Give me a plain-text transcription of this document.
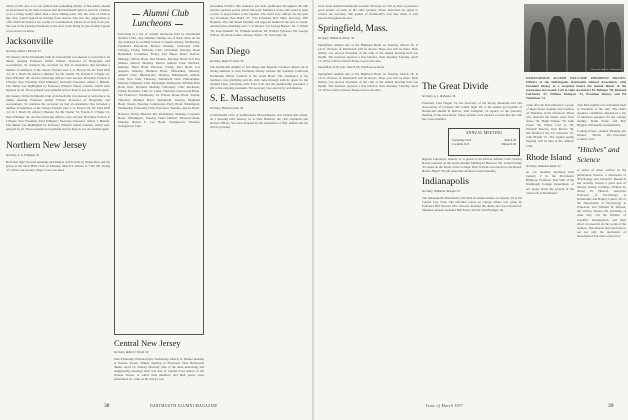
winter in this area. It is our opinion that something similar of that nature should be undertaken by all clubs to insure that the Dartmouth Spirit is and will continue to be a living reality rather than a mere talking point. We, the class of 1924 in this area, would appreciate hearing from anyone who has any suggestions to offer which he believes are worthy of consideration. Please let us hear from you. See you at the Tuesday luncheons at the Aero Club. Bring in your brother's green cover and let us know.

Jacksonville

Secretary, Alfred J. Burnett '34

On January 29 the Dartmouth Club of Jacksonville was pleased to welcome to its dinner meeting Professor Arthur Wilson, Professor of Biography and Government. To celebrate the occasion we had an attendance that included a number of members of the classes. Present were J. A. Brown '02, Dr. Fred Wolf '12, W. J. Bush '28, Alfred J. Burnett '34, Mr. Stellar '33, Francis P. L'Engle '21, Paul Whitaker '40, and the following officers were elected: President, Francis P. L'Engle; Vice President, Paul Whitaker; Secretary-Treasurer, Alfred J. Burnett. The dinner was highlighted by Professor Wilson's timely remarks, which were enjoyed by all. Those present were grateful and we hope to see our friends again.

On January 29 the Dartmouth Club of Jacksonville was pleased to welcome to its dinner meeting Professor Arthur Wilson, Professor of Biography and Government. To celebrate the occasion we had an attendance that included a number of members of the classes. Present were J. A. Brown '02, Dr. Fred Wolf '12, W. J. Bush '28, Alfred J. Burnett '34, Mr. Stellar '33, Francis P. L'Engle '21, Paul Whitaker '40, and the following officers were elected: President, Francis P. L'Engle; Vice President, Paul Whitaker; Secretary-Treasurer, Alfred J. Burnett. The dinner was highlighted by Professor Wilson's timely remarks, which were enjoyed by all. Those present were grateful and we hope to see our friends again.

Northern New Jersey

Secretary, L. A. Friedman '41

Hold that tiger! Several meetings and dinners will be held by Walter Rice and the group at the Short Hills Club on Monday, March 9. Dinner at 7:00. Mr. Young '15 will be our speaker. Hope to see you there.

Alumni Club Luncheons

Following is a list of weekly luncheons held by Dartmouth Alumni Clubs. Any alumnus visiting one of these cities on the day indicated is cordially invited to attend: Albany, Wednesday, Farnham's Restaurant. Boston, Monday, University Club. Chicago, Friday, Mid-Day Club. Cleveland, Tuesday, Hotel Hollenden. Columbus, Friday, Fort Hayes Hotel. Denver, Monday, Oxford Hotel. Des Moines, Monday, Hotel Fort Des Moines. Detroit, Monday, Detroit Athletic Club. Hartford, Monday, Hotel Bond. Houston, Friday, Rice Hotel. Los Angeles, Monday, Biltmore Hotel. Milwaukee, Monday, Athletic Club. Minneapolis, Monday, Minneapolis Athletic Club. New York, Thursday, Dartmouth Club. Philadelphia, Monday, Engineers Club. Pittsburgh, Wednesday, William Penn Hotel Grill. Portland, Monday, University Club. Rochester, Friday, Rochester Club. St. Louis, Thursday, Gatesworth Hotel. San Francisco, Wednesday, Sir Francis Drake Hotel. Seattle, Thursday, Olympic Hotel. Springfield, Tuesday, Highland Hotel. Toledo, Tuesday, Commodore Perry Hotel. Washington, Wednesday, University Club. Worcester, Tuesday, Aurora Hotel.

Hanover, Friday, Hanover Inn. Manchester, Monday, Carpenter Hotel. Wilmington, Tuesday, Hotel DuPont. Winston-Salem, Monday, Robert E. Lee Hotel. Youngstown, Tuesday, Youngstown Club.

Central New Jersey

Secretary, Robert J. Scheib '19

March Meeting. Princeton Inn, Wednesday, March 11. Dinner meeting at Nassau Tavern. Dinner meeting at Princeton. New Brunswick dinner, April 14. January Meeting: One of the most interesting and enlightening meetings held was that of Captain Fred Sutton of the Nassau Tavern, at which time members and their guests were entertained by a talk on the Navy's role.

Australian Politics. His audience was held spellbound throughout the talk and the question period which followed. Members of the club voted to send a letter of appreciation to the speaker. The club's new officers for the year are: President, Ben Baird '27; Vice President, Bob Sims; Secretary, Phil Hopkins. The club meets monthly and urges all alumni in the area to attend. Among those attending were: J. S. Barlow '14, George Barlow '29, J. O'Neil '39, Ivan Drumell '18, William Sullivan '28, Wilfred Sylvester '08, George Wilcox '10, Elton Gaines, Monroe Taylor '33, Sam Stein '40.

San Diego

Secretary, Robert E. Dunn '30

The Dartmouth Alumni of San Diego and Imperial Counties turned out in strong numbers to hear President Dickey address the Southern California Dartmouth Winter Carnival at the Grant Hotel. The attendance at the luncheon was gratifying and the club came through with its quota for the Alumni Fund. Christmas Gift: Fred Cole and the membership presented a gift to the outgoing president. The secretary was elected by acclamation.

S. E. Massachusetts

Secretary, Herbert Lyman '36

A Dartmouth Club of Southeastern Massachusetts was formed this winter. At a meeting held January 10 at New Bedford, the club organized and elected officers. We were honored by the attendance of fifty alumni and the club is growing.

38	DARTMOUTH ALUMNI MAGAZINE

were made entitled Dartmouth Gardens. We hope we will be able to present a good picture of some of the other gardens. Those interested are urged to contact the secretary. The garden of Dartmouth's own Ray Allen is well known throughout the area.

Springfield, Mass.

Secretary, William A. Nelson '30

Springfield Alumni met at the Highland Hotel on Tuesday, March 18, at 12:15. Pictures of Dartmouth will be shown. Hope you will be there. Dick Ashley was elected President of the club at the annual meeting held last month. The treasurer reported a fine balance. Next meeting: Tuesday, April 16. Wives will be invited. Please reserve the date.

September, 8-30 p.m., March 28, Youth Association.

Springfield Alumni met at the Highland Hotel on Tuesday, March 18, at 12:15. Pictures of Dartmouth will be shown. Hope you will be there. Dick Ashley was elected President of the club at the annual meeting held last month. The treasurer reported a fine balance. Next meeting: Tuesday, April 16. Wives will be invited. Please reserve the date.	The Great Divide

Secretary, A. L. Redington '16

President, Fred Hogan '19, the Secretary of the Rocky Mountain Old and Association of Colleges. Mr. Lamar Ogle '28, at the annual get-together of Dartmouth alumni in Denver. Tom Campbell '14 reports on the quarterly meeting of the association. Those present were pleased to learn that the club has a new member.

Regular Luncheon, January 11 as guests of the Denver Athletic Club. Stanley Bower reported on the recent Alumni Meeting in Hanover. Mr. Leland Gallup '23 spoke on the future of the College. Dick Schwab was elected to the Board. Homer Hugill '30 will attend the Alumni Council meeting.

Indianapolis

Secretary, William R. Weingart '31

The Indianapolis Dartmouth Club held its annual dinner on January 26 at the Capital City Club. The informal report on college affairs was given by Professor Bill Stewart. Mrs. Stewart attended the dinner and was introduced. Members present included Bob Ferris '29 and Jack Bolinger '40.

INDIANAPOLIS ALUMNI WELCOME PRESIDENT DICKEY: Officers of the Indianapolis Dartmouth Alumni Association, with President Dickey at a reception before the annual dinner of the association last month. Left to right are Robert M. Bolinger '40, Richard Fairbanks '37, William Weingart '31, President Dickey, and Ed Tomlinson '31.

come after he had addressed a group of high school students and teachers on Thursday, in the afternoon. Those who attended the dinner were: Karl Amos '30, Hugh Dunlap '50, John Fraser '30, Walter Carl Jr. '30, Wendell Bowers, Don Brown '36, Jim Bradford '24, Ed Schwartz '41, John Brandt '21. The regular spring meeting will be held at the Athletic Club.

Rhode Island

Secretary, Nathaniel Sands '34

At our monthly luncheon held January 9 in the Providence Biltmore, Professor Jack Weir of the Dartmouth College Department of Art spoke about the growth of the visual arts at Dartmouth.

Tom McLaughlin was welcomed back as President of the club. The club's speakers committee announced a list of luncheon speakers for the coming months. Frank Porter and Bob Higgins will handle arrangements.

Coming Event—Annual Meeting and Dinner, March 28—Worcester Country Club

"Hitches" and Science

A series of three articles in the publication Science, a discussion of 'Psychology and Scientific Research' has recently created a great deal of interest among scientists. Written by Albert H. Hastorf, Associate Professor of Psychology at Dartmouth, and Hadley Cantril '28, of the Department of Psychology at Princeton, and William H. Ittelson, the articles discuss the problems of what they call the 'hitches' of scientific investigation, and their effect on research. In the words of the authors, 'Our interest here has been to see not only the mechanics of investigation but what occurs in it.'

39
Issue of March 1957
ANNUAL MEETING
University Club	March 28
Cocktails 6:15	Dinner 6:45
Bowman Studios, Indianapolis
